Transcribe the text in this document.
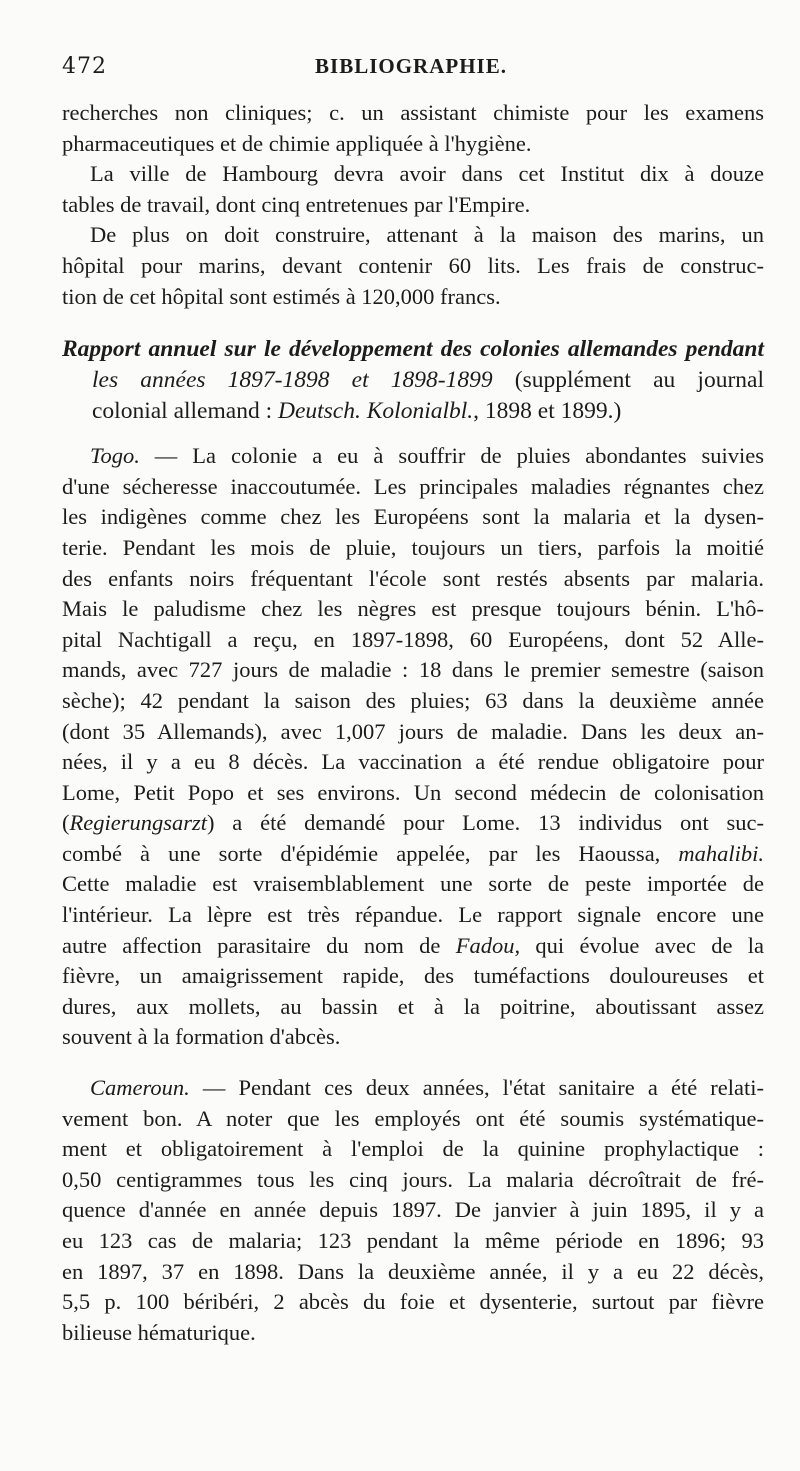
472	BIBLIOGRAPHIE.
recherches non cliniques; c. un assistant chimiste pour les examens
pharmaceutiques et de chimie appliquée à l'hygiène.
La ville de Hambourg devra avoir dans cet Institut dix à douze
tables de travail, dont cinq entretenues par l'Empire.
De plus on doit construire, attenant à la maison des marins, un
hôpital pour marins, devant contenir 60 lits. Les frais de construc-
tion de cet hôpital sont estimés à 120,000 francs.
Rapport annuel sur le développement des colonies allemandes pendant
les années 1897-1898 et 1898-1899 (supplément au journal
colonial allemand : Deutsch. Kolonialbl., 1898 et 1899.)
Togo. — La colonie a eu à souffrir de pluies abondantes suivies
d'une sécheresse inaccoutumée. Les principales maladies régnantes chez
les indigènes comme chez les Européens sont la malaria et la dysen-
terie. Pendant les mois de pluie, toujours un tiers, parfois la moitié
des enfants noirs fréquentant l'école sont restés absents par malaria.
Mais le paludisme chez les nègres est presque toujours bénin. L'hô-
pital Nachtigall a reçu, en 1897-1898, 60 Européens, dont 52 Alle-
mands, avec 727 jours de maladie : 18 dans le premier semestre (saison
sèche); 42 pendant la saison des pluies; 63 dans la deuxième année
(dont 35 Allemands), avec 1,007 jours de maladie. Dans les deux an-
nées, il y a eu 8 décès. La vaccination a été rendue obligatoire pour
Lome, Petit Popo et ses environs. Un second médecin de colonisation
(Regierungsarzt) a été demandé pour Lome. 13 individus ont suc-
combé à une sorte d'épidémie appelée, par les Haoussa, mahalibi.
Cette maladie est vraisemblablement une sorte de peste importée de
l'intérieur. La lèpre est très répandue. Le rapport signale encore une
autre affection parasitaire du nom de Fadou, qui évolue avec de la
fièvre, un amaigrissement rapide, des tuméfactions douloureuses et
dures, aux mollets, au bassin et à la poitrine, aboutissant assez
souvent à la formation d'abcès.
Cameroun. — Pendant ces deux années, l'état sanitaire a été relati-
vement bon. A noter que les employés ont été soumis systématique-
ment et obligatoirement à l'emploi de la quinine prophylactique :
0,50 centigrammes tous les cinq jours. La malaria décroîtrait de fré-
quence d'année en année depuis 1897. De janvier à juin 1895, il y a
eu 123 cas de malaria; 123 pendant la même période en 1896; 93
en 1897, 37 en 1898. Dans la deuxième année, il y a eu 22 décès,
5,5 p. 100 béribéri, 2 abcès du foie et dysenterie, surtout par fièvre
bilieuse hématurique.
